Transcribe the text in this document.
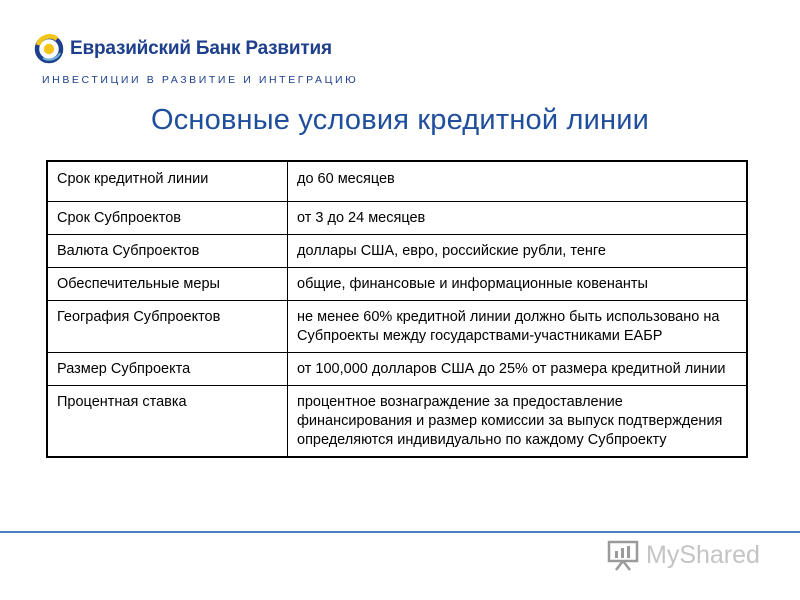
Евразийский Банк Развития
ИНВЕСТИЦИИ В РАЗВИТИЕ И ИНТЕГРАЦИЮ
Основные условия кредитной линии
Срок кредитной линии	до 60 месяцев
Срок Субпроектов	от 3 до 24 месяцев
Валюта Субпроектов	доллары США, евро, российские рубли, тенге
Обеспечительные меры	общие, финансовые и информационные ковенанты
География Субпроектов	не менее 60% кредитной линии должно быть использовано на Субпроекты между государствами-участниками ЕАБР
Размер Субпроекта	от 100,000 долларов США до 25% от размера кредитной линии
Процентная ставка	процентное вознаграждение за предоставление финансирования и размер комиссии за выпуск подтверждения определяются индивидуально по каждому Субпроекту
MyShared
